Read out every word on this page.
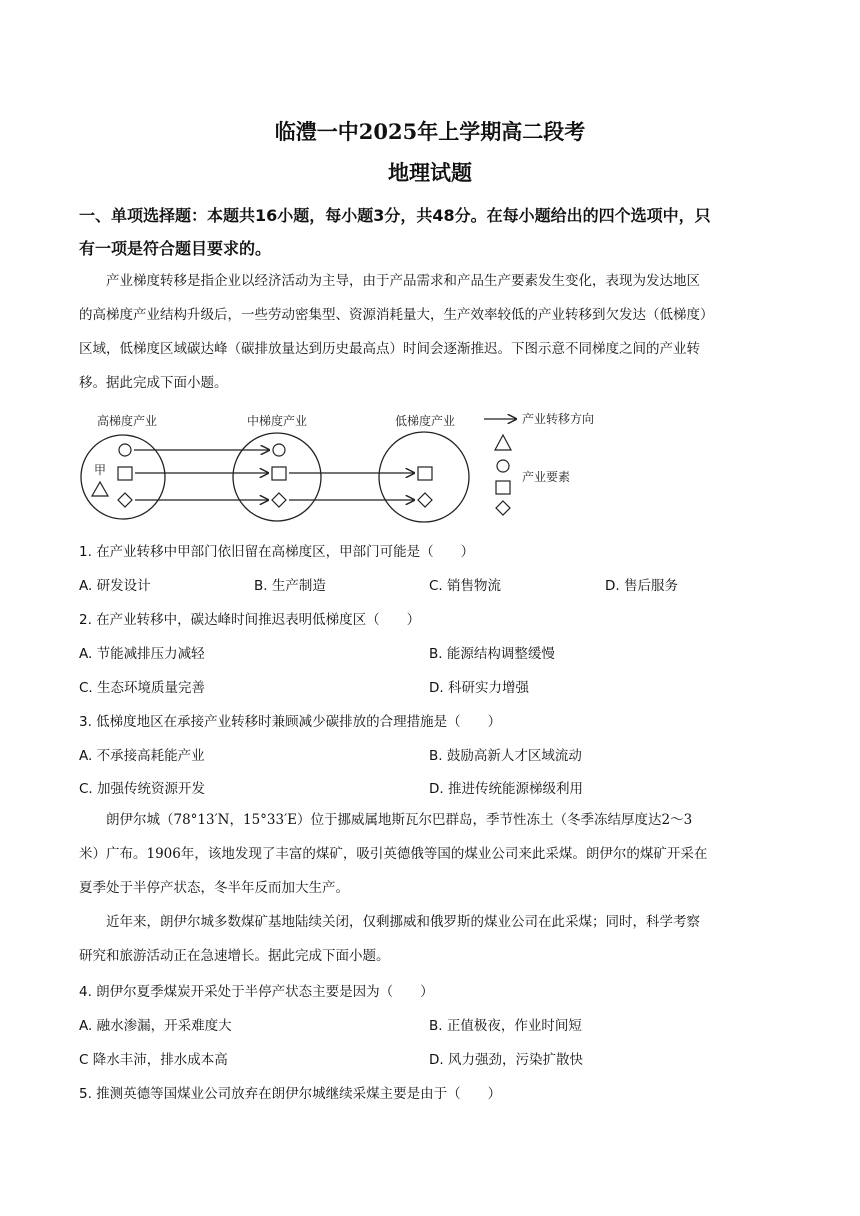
临澧一中2025年上学期高二段考
地理试题
一、单项选择题：本题共16小题，每小题3分，共48分。在每小题给出的四个选项中，只
有一项是符合题目要求的。
产业梯度转移是指企业以经济活动为主导，由于产品需求和产品生产要素发生变化，表现为发达地区
的高梯度产业结构升级后，一些劳动密集型、资源消耗量大，生产效率较低的产业转移到欠发达（低梯度）
区域，低梯度区域碳达峰（碳排放量达到历史最高点）时间会逐渐推迟。下图示意不同梯度之间的产业转
移。据此完成下面小题。
高梯度产业	中梯度产业	低梯度产业
甲
产业转移方向
产业要素
1. 在产业转移中甲部门依旧留在高梯度区，甲部门可能是（　　）
A. 研发设计	B. 生产制造	C. 销售物流	D. 售后服务
2. 在产业转移中，碳达峰时间推迟表明低梯度区（　　）
A. 节能减排压力减轻	B. 能源结构调整缓慢
C. 生态环境质量完善	D. 科研实力增强
3. 低梯度地区在承接产业转移时兼顾减少碳排放的合理措施是（　　）
A. 不承接高耗能产业	B. 鼓励高新人才区域流动
C. 加强传统资源开发	D. 推进传统能源梯级利用
朗伊尔城（78°13′N，15°33′E）位于挪威属地斯瓦尔巴群岛，季节性冻土（冬季冻结厚度达2～3
米）广布。1906年，该地发现了丰富的煤矿，吸引英德俄等国的煤业公司来此采煤。朗伊尔的煤矿开采在
夏季处于半停产状态，冬半年反而加大生产。
近年来，朗伊尔城多数煤矿基地陆续关闭，仅剩挪威和俄罗斯的煤业公司在此采煤；同时，科学考察
研究和旅游活动正在急速增长。据此完成下面小题。
4. 朗伊尔夏季煤炭开采处于半停产状态主要是因为（　　）
A. 融水渗漏，开采难度大	B. 正值极夜，作业时间短
C 降水丰沛，排水成本高	D. 风力强劲，污染扩散快
5. 推测英德等国煤业公司放弃在朗伊尔城继续采煤主要是由于（　　）
